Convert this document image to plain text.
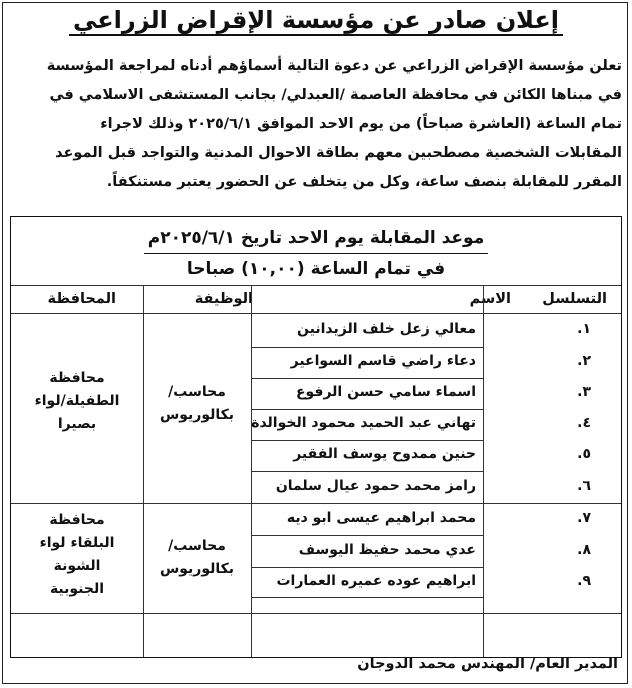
إعلان صادر عن مؤسسة الإقراض الزراعي
تعلن مؤسسة الإقراض الزراعي عن دعوة التالية أسماؤهم أدناه لمراجعة المؤسسة
في مبناها الكائن في محافظة العاصمة /العبدلي/ بجانب المستشفى الاسلامي في
تمام الساعة (العاشرة صباحاً) من يوم الاحد الموافق ٢٠٢٥/٦/١ وذلك لاجراء
المقابلات الشخصية مصطحبين معهم بطاقة الاحوال المدنية والتواجد قبل الموعد
المقرر للمقابلة بنصف ساعة، وكل من يتخلف عن الحضور يعتبر مستنكفاً.
موعد المقابلة يوم الاحد تاريخ ٢٠٢٥/٦/١م
في تمام الساعة (١٠,٠٠) صباحا
التسلسل
الاسم
الوظيفة
المحافظة
١.
٢.
٣.
٤.
٥.
٦.
٧.
٨.
٩.
معالي زعل خلف الزيدانين
دعاء راضي قاسم السواعير
اسماء سامي حسن الرفوع
تهاني عبد الحميد محمود الخوالدة
حنين ممدوح يوسف الفقير
رامز محمد حمود عيال سلمان
محمد ابراهيم عيسى ابو ديه
عدي محمد حفيظ اليوسف
ابراهيم عوده عميره العمارات
محاسب/
بكالوريوس
محافظة
الطفيلة/لواء
بصيرا
محاسب/
بكالوريوس
محافظة
البلقاء لواء
الشونة
الجنوبية
المدير العام/ المهندس محمد الدوجان
